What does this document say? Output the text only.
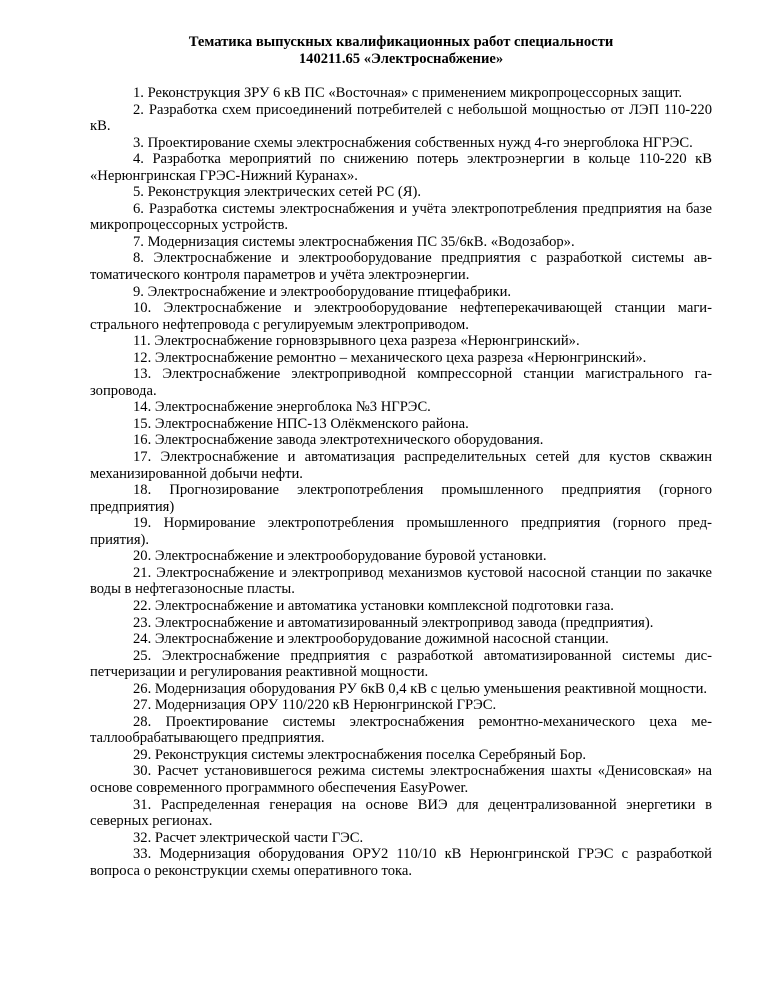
Тематика выпускных квалификационных работ специальности
140211.65 «Электроснабжение»

1. Реконструкция ЗРУ 6 кВ ПС «Восточная» с применением микропроцессорных защит.

2. Разработка схем присоединений потребителей с небольшой мощностью от ЛЭП 110-220 кВ.

3. Проектирование схемы электроснабжения собственных нужд 4-го энергоблока НГРЭС.

4. Разработка мероприятий по снижению потерь электроэнергии в кольце 110-220 кВ «Нерюнгринская ГРЭС-Нижний Куранах».

5. Реконструкция электрических сетей РС (Я).

6. Разработка системы электроснабжения и учёта электропотребления предприятия на базе микропроцессорных устройств.

7. Модернизация системы электроснабжения ПС 35/6кВ. «Водозабор».

8. Электроснабжение и электрооборудование предприятия с разработкой системы автоматического контроля параметров и учёта электроэнергии.

9. Электроснабжение и электрооборудование птицефабрики.

10. Электроснабжение и электрооборудование нефтеперекачивающей станции магистрального нефтепровода с регулируемым электроприводом.

11. Электроснабжение горновзрывного цеха разреза «Нерюнгринский».

12. Электроснабжение ремонтно – механического цеха разреза «Нерюнгринский».

13. Электроснабжение электроприводной компрессорной станции магистрального газопровода.

14. Электроснабжение энергоблока №3 НГРЭС.

15. Электроснабжение НПС-13 Олёкменского района.

16. Электроснабжение завода электротехнического оборудования.

17. Электроснабжение и автоматизация распределительных сетей для кустов скважин механизированной добычи нефти.

18. Прогнозирование электропотребления промышленного предприятия (горного предприятия)

19. Нормирование электропотребления промышленного предприятия (горного предприятия).

20. Электроснабжение и электрооборудование буровой установки.

21. Электроснабжение и электропривод механизмов кустовой насосной станции по закачке воды в нефтегазоносные пласты.

22. Электроснабжение и автоматика установки комплексной подготовки газа.

23. Электроснабжение и автоматизированный электропривод завода (предприятия).

24. Электроснабжение и электрооборудование дожимной насосной станции.

25. Электроснабжение предприятия с разработкой автоматизированной системы диспетчеризации и регулирования реактивной мощности.

26. Модернизация оборудования РУ 6кВ 0,4 кВ с целью уменьшения реактивной мощности.

27. Модернизация ОРУ 110/220 кВ Нерюнгринской ГРЭС.

28. Проектирование системы электроснабжения ремонтно-механического цеха металлообрабатывающего предприятия.

29. Реконструкция системы электроснабжения поселка Серебряный Бор.

30. Расчет установившегося режима системы электроснабжения шахты «Денисовская» на основе современного программного обеспечения EasyPower.

31. Распределенная генерация на основе ВИЭ для децентрализованной энергетики в северных регионах.

32. Расчет электрической части ГЭС.

33. Модернизация оборудования ОРУ2 110/10 кВ Нерюнгринской ГРЭС с разработкой вопроса о реконструкции схемы оперативного тока.
